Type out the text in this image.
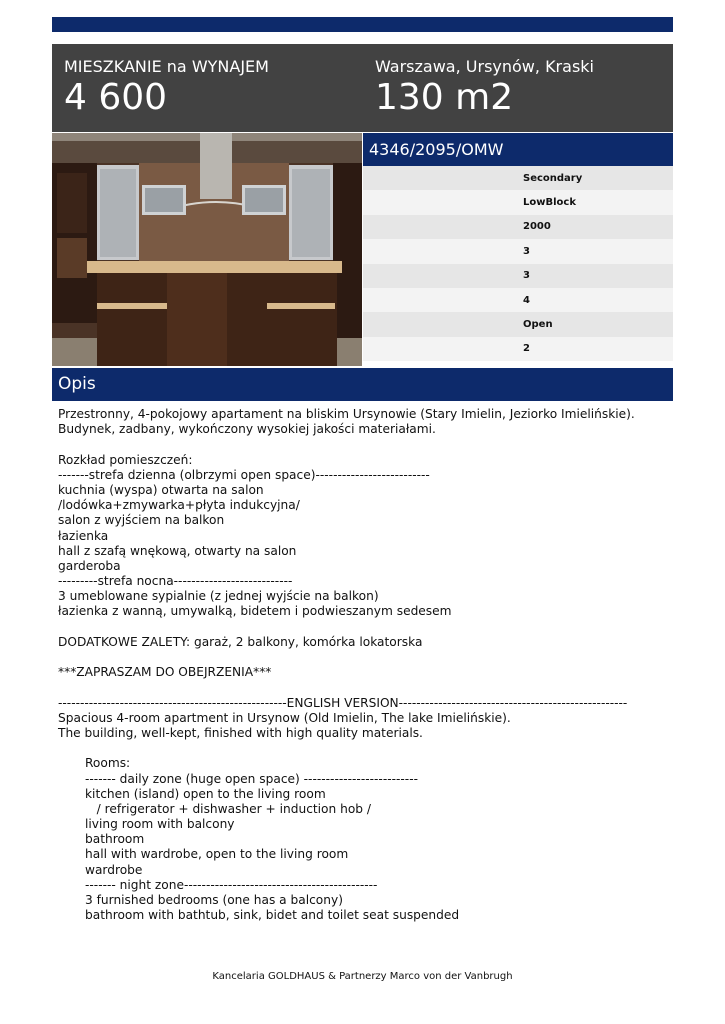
MIESZKANIE na WYNAJEM
4 600
Warszawa, Ursynów, Kraski
130 m2
4346/2095/OMW
Secondary
LowBlock
2000
3
3
4
Open
2
Opis
Przestronny, 4-pokojowy apartament na bliskim Ursynowie (Stary Imielin, Jeziorko Imielińskie).
Budynek, zadbany, wykończony wysokiej jakości materiałami.
Rozkład pomieszczeń:
-------strefa dzienna (olbrzymi open space)--------------------------
kuchnia (wyspa) otwarta na salon
/lodówka+zmywarka+płyta indukcyjna/
salon z wyjściem na balkon
łazienka
hall z szafą wnękową, otwarty na salon
garderoba
---------strefa nocna---------------------------
3 umeblowane sypialnie (z jednej wyjście na balkon)
łazienka z wanną, umywalką, bidetem i podwieszanym sedesem
DODATKOWE ZALETY: garaż, 2 balkony, komórka lokatorska
***ZAPRASZAM DO OBEJRZENIA***
----------------------------------------------------ENGLISH VERSION----------------------------------------------------
Spacious 4-room apartment in Ursynow (Old Imielin, The lake Imielińskie).
The building, well-kept, finished with high quality materials.
Rooms:
------- daily zone (huge open space) --------------------------
kitchen (island) open to the living room
/ refrigerator + dishwasher + induction hob /
living room with balcony
bathroom
hall with wardrobe, open to the living room
wardrobe
------- night zone--------------------------------------------
3 furnished bedrooms (one has a balcony)
bathroom with bathtub, sink, bidet and toilet seat suspended
Kancelaria GOLDHAUS & Partnerzy Marco von der Vanbrugh
